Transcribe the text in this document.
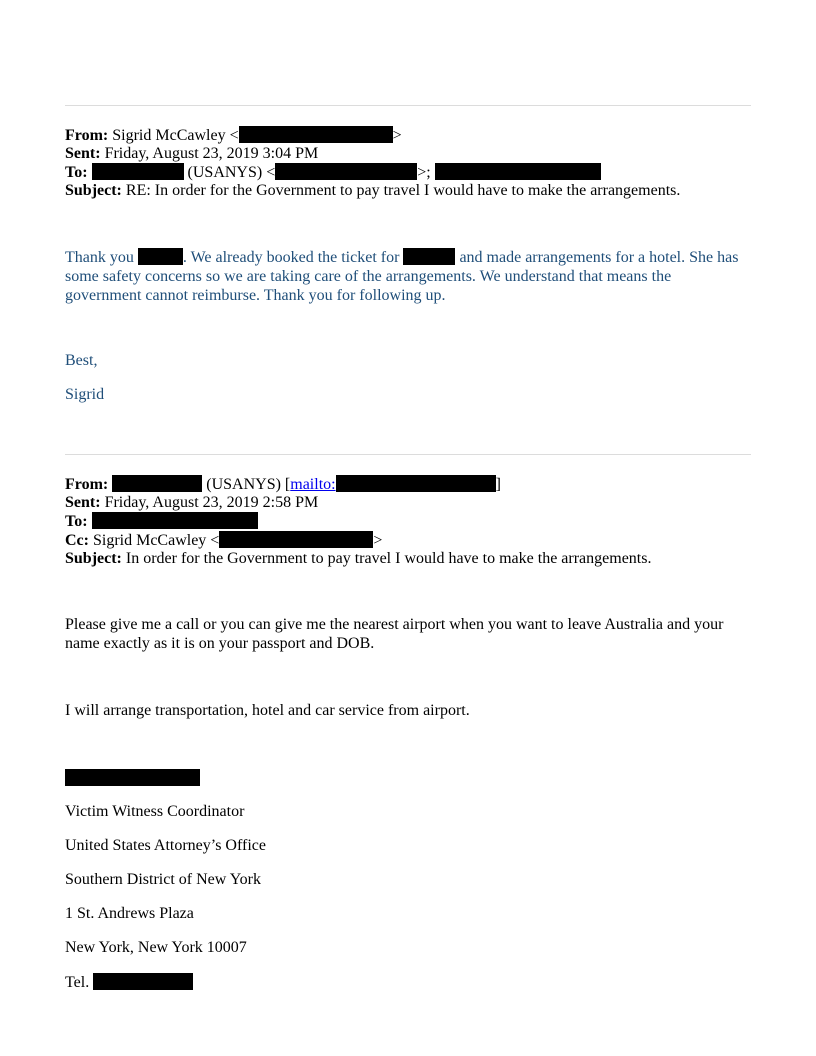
From: Sigrid McCawley <	>
Sent: Friday, August 23, 2019 3:04 PM
To:	(USANYS) <	>;
Subject: RE: In order for the Government to pay travel I would have to make the arrangements.
Thank you	. We already booked the ticket for	and made arrangements for a hotel. She has some safety concerns so we are taking care of the arrangements. We understand that means the government cannot reimburse. Thank you for following up.
Best,
Sigrid
From:	(USANYS) [mailto:	]
Sent: Friday, August 23, 2019 2:58 PM
To:
Cc: Sigrid McCawley <	>
Subject: In order for the Government to pay travel I would have to make the arrangements.
Please give me a call or you can give me the nearest airport when you want to leave Australia and your name exactly as it is on your passport and DOB.
I will arrange transportation, hotel and car service from airport.
Victim Witness Coordinator
United States Attorney’s Office
Southern District of New York
1 St. Andrews Plaza
New York, New York 10007
Tel.
